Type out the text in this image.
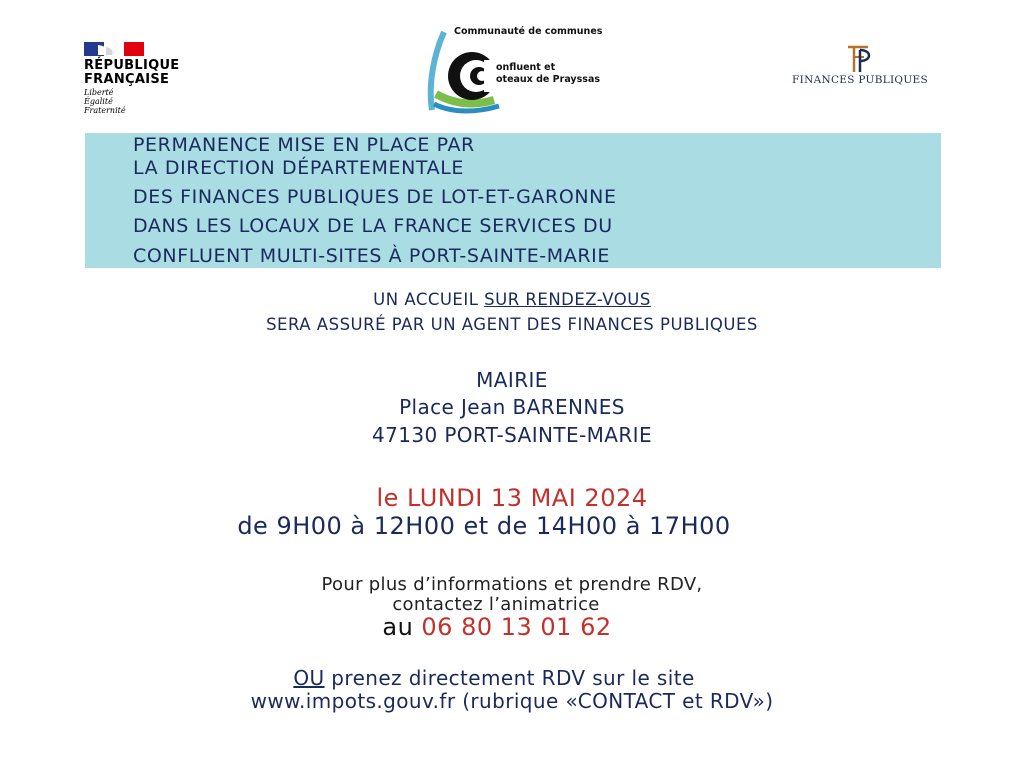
RÉPUBLIQUE
FRANÇAISE
Liberté
Égalité
Fraternité
Communauté de communes
onfluent et
oteaux de Prayssas	FINANCES PUBLIQUES
PERMANENCE MISE EN PLACE PAR
LA DIRECTION DÉPARTEMENTALE
DES FINANCES PUBLIQUES DE LOT-ET-GARONNE
DANS LES LOCAUX DE LA FRANCE SERVICES DU
CONFLUENT MULTI-SITES À PORT-SAINTE-MARIE
UN ACCUEIL SUR RENDEZ-VOUS
SERA ASSURÉ PAR UN AGENT DES FINANCES PUBLIQUES
MAIRIE
Place Jean BARENNES
47130 PORT-SAINTE-MARIE
le LUNDI 13 MAI 2024
de 9H00 à 12H00 et de 14H00 à 17H00
Pour plus d’informations et prendre RDV,
contactez l’animatrice
au 06 80 13 01 62
OU prenez directement RDV sur le site
www.impots.gouv.fr (rubrique «CONTACT et RDV»)
